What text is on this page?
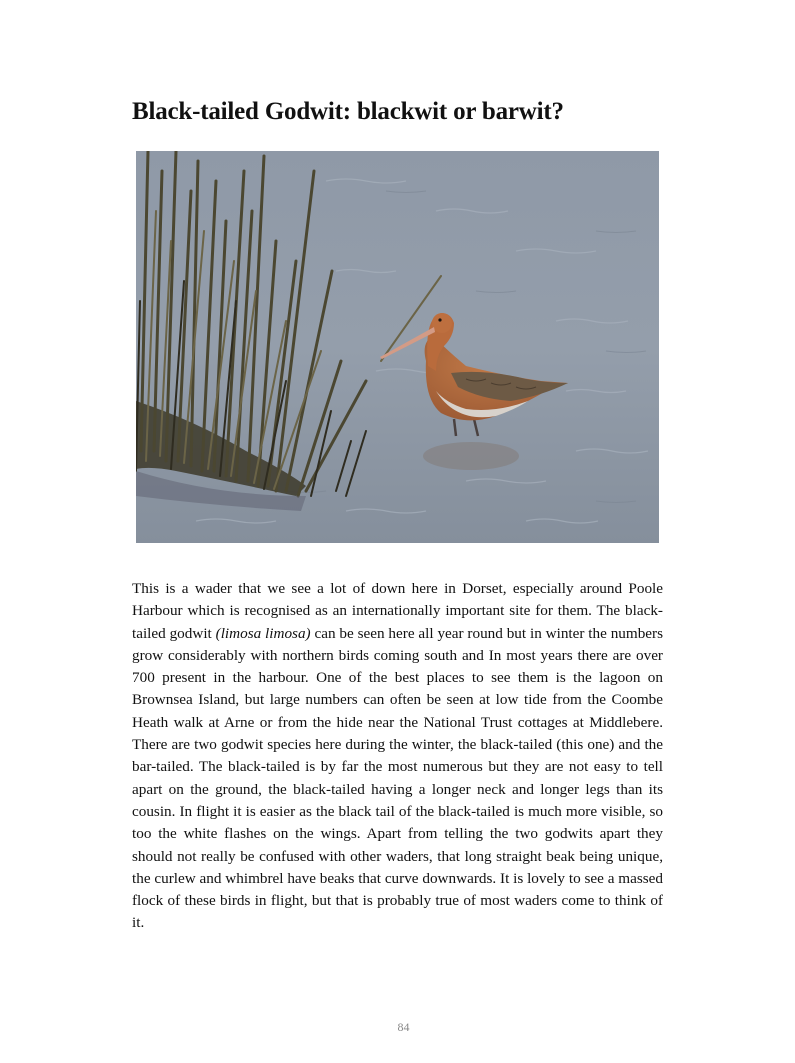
Black-tailed Godwit: blackwit or barwit?

This is a wader that we see a lot of down here in Dorset, especially around Poole Harbour which is recognised as an internationally important site for them. The black-tailed godwit (limosa limosa) can be seen here all year round but in winter the numbers grow considerably with northern birds coming south and In most years there are over 700 present in the harbour. One of the best places to see them is the lagoon on Brownsea Island, but large numbers can often be seen at low tide from the Coombe Heath walk at Arne or from the hide near the National Trust cottages at Middlebere. There are two godwit species here during the winter, the black-tailed (this one) and the bar-tailed. The black-tailed is by far the most numerous but they are not easy to tell apart on the ground, the black-tailed having a longer neck and longer legs than its cousin. In flight it is easier as the black tail of the black-tailed is much more visible, so too the white flashes on the wings. Apart from telling the two godwits apart they should not really be confused with other waders, that long straight beak being unique, the curlew and whimbrel have beaks that curve downwards. It is lovely to see a massed flock of these birds in flight, but that is probably true of most waders come to think of it.

84
